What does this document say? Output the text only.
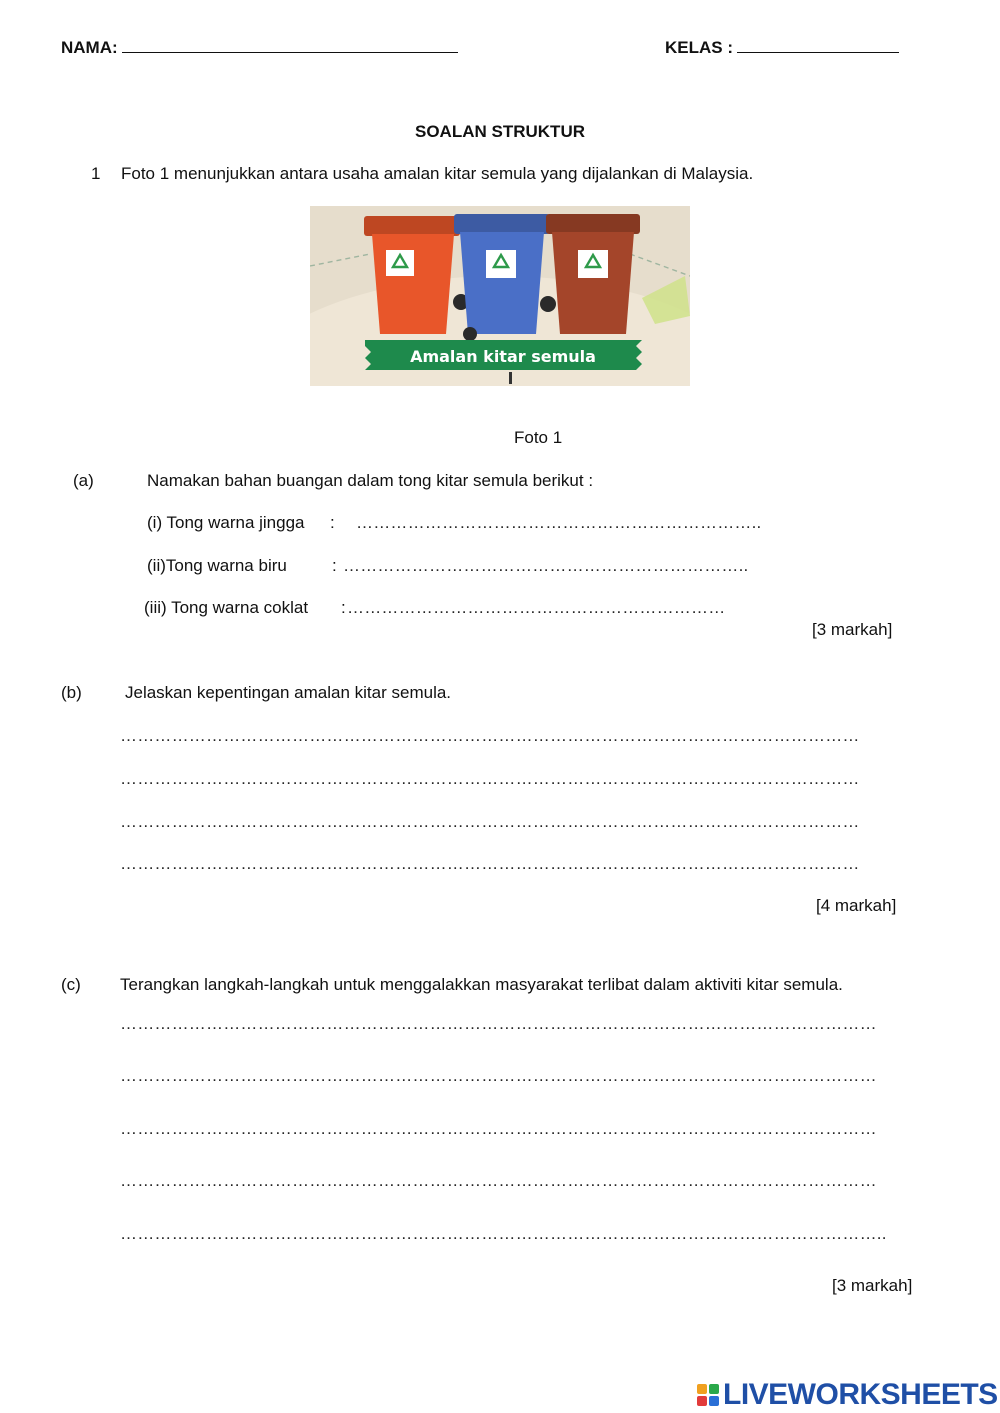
NAMA:	KELAS :
SOALAN STRUKTUR
1 Foto 1 menunjukkan antara usaha amalan kitar semula yang dijalankan di Malaysia.
Amalan kitar semula
Foto 1
(a)	Namakan bahan buangan dalam tong kitar semula berikut :
(i) Tong warna jingga : ……………………………………………………………..
(ii)Tong warna biru	: ……………………………………………………………..
(iii) Tong warna coklat : …………………………………………………………
[3 markah]
(b)	Jelaskan kepentingan amalan kitar semula.
…………………………………………………………………………………………………………………
…………………………………………………………………………………………………………………
…………………………………………………………………………………………………………………
…………………………………………………………………………………………………………………
[4 markah]
(c) Terangkan langkah-langkah untuk menggalakkan masyarakat terlibat dalam aktiviti kitar semula.
……………………………………………………………………………………………………………………
……………………………………………………………………………………………………………………
……………………………………………………………………………………………………………………
……………………………………………………………………………………………………………………
……………………………………………………………………………………………………………………..
[3 markah]
LIVEWORKSHEETS
